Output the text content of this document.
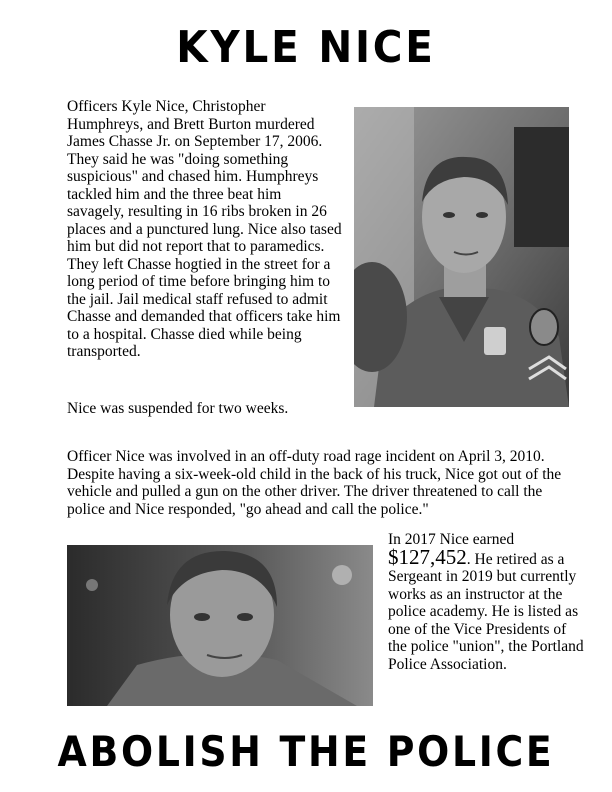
KYLE NICE
Officers Kyle Nice, Christopher Humphreys, and Brett Burton murdered James Chasse Jr. on September 17, 2006. They said he was "doing something suspicious" and chased him. Humphreys tackled him and the three beat him savagely, resulting in 16 ribs broken in 26 places and a punctured lung. Nice also tased him but did not report that to paramedics. They left Chasse hogtied in the street for a long period of time before bringing him to the jail. Jail medical staff refused to admit Chasse and demanded that officers take him to a hospital. Chasse died while being transported.
Nice was suspended for two weeks.
Officer Nice was involved in an off-duty road rage incident on April 3, 2010. Despite having a six-week-old child in the back of his truck, Nice got out of the vehicle and pulled a gun on the other driver. The driver threatened to call the police and Nice responded, "go ahead and call the police."
In 2017 Nice earned $127,452. He retired as a Sergeant in 2019 but currently works as an instructor at the police academy. He is listed as one of the Vice Presidents of the police "union", the Portland Police Association.
ABOLISH THE POLICE
